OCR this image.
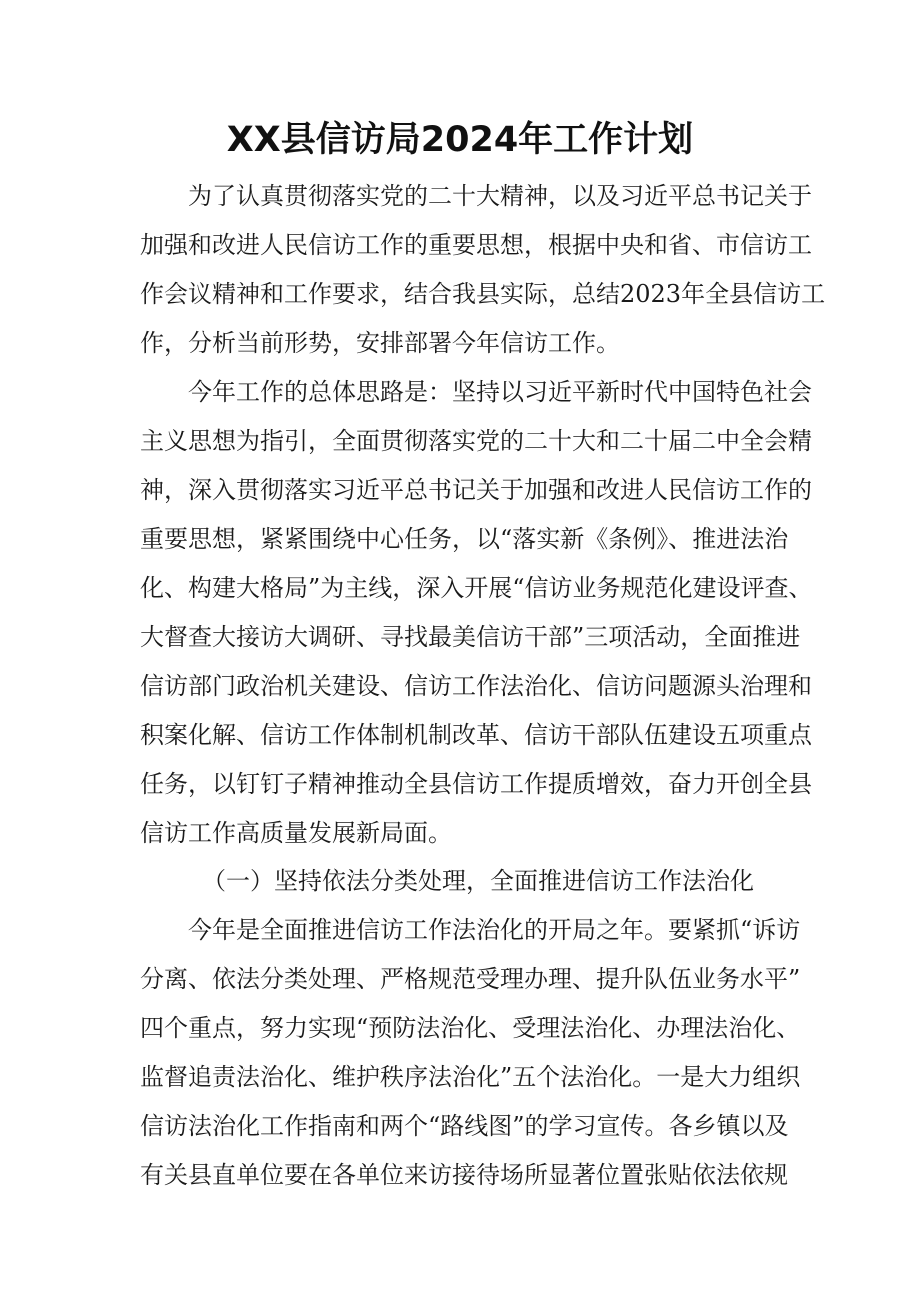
XX县信访局2024年工作计划

为了认真贯彻落实党的二十大精神，以及习近平总书记关于

加强和改进人民信访工作的重要思想，根据中央和省、市信访工

作会议精神和工作要求，结合我县实际，总结2023年全县信访工

作，分析当前形势，安排部署今年信访工作。

今年工作的总体思路是：坚持以习近平新时代中国特色社会

主义思想为指引，全面贯彻落实党的二十大和二十届二中全会精

神，深入贯彻落实习近平总书记关于加强和改进人民信访工作的

重要思想，紧紧围绕中心任务，以“落实新《条例》、推进法治

化、构建大格局”为主线，深入开展“信访业务规范化建设评查、

大督查大接访大调研、寻找最美信访干部”三项活动，全面推进

信访部门政治机关建设、信访工作法治化、信访问题源头治理和

积案化解、信访工作体制机制改革、信访干部队伍建设五项重点

任务，以钉钉子精神推动全县信访工作提质增效，奋力开创全县

信访工作高质量发展新局面。

（一）坚持依法分类处理，全面推进信访工作法治化

今年是全面推进信访工作法治化的开局之年。要紧抓“诉访

分离、依法分类处理、严格规范受理办理、提升队伍业务水平”

四个重点，努力实现“预防法治化、受理法治化、办理法治化、

监督追责法治化、维护秩序法治化”五个法治化。一是大力组织

信访法治化工作指南和两个“路线图”的学习宣传。各乡镇以及

有关县直单位要在各单位来访接待场所显著位置张贴依法依规
